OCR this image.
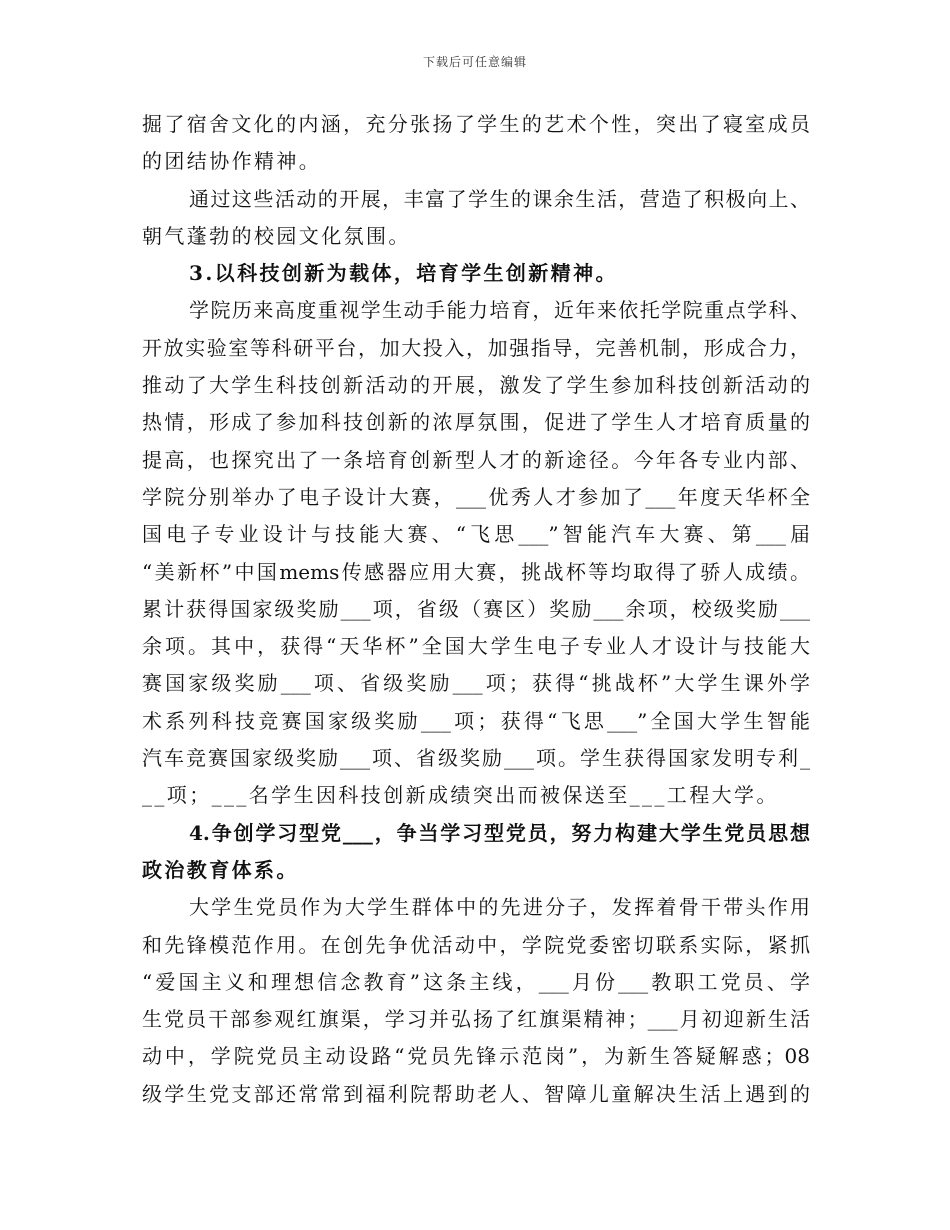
下载后可任意编辑
掘了宿舍文化的内涵，充分张扬了学生的艺术个性，突出了寝室成员
的团结协作精神。
通过这些活动的开展，丰富了学生的课余生活，营造了积极向上、
朝气蓬勃的校园文化氛围。
3.以科技创新为载体，培育学生创新精神。
学院历来高度重视学生动手能力培育，近年来依托学院重点学科、
开放实验室等科研平台，加大投入，加强指导，完善机制，形成合力，
推动了大学生科技创新活动的开展，激发了学生参加科技创新活动的
热情，形成了参加科技创新的浓厚氛围，促进了学生人才培育质量的
提高，也探究出了一条培育创新型人才的新途径。今年各专业内部、
学院分别举办了电子设计大赛，___优秀人才参加了___年度天华杯全
国电子专业设计与技能大赛、“飞思___”智能汽车大赛、第___届
“美新杯”中国mems传感器应用大赛，挑战杯等均取得了骄人成绩。
累计获得国家级奖励___项，省级（赛区）奖励___余项，校级奖励___
余项。其中，获得“天华杯”全国大学生电子专业人才设计与技能大
赛国家级奖励___项、省级奖励___项；获得“挑战杯”大学生课外学
术系列科技竞赛国家级奖励___项；获得“飞思___”全国大学生智能
汽车竞赛国家级奖励___项、省级奖励___项。学生获得国家发明专利_
__项；___名学生因科技创新成绩突出而被保送至___工程大学。
4.争创学习型党___，争当学习型党员，努力构建大学生党员思想
政治教育体系。
大学生党员作为大学生群体中的先进分子，发挥着骨干带头作用
和先锋模范作用。在创先争优活动中，学院党委密切联系实际，紧抓
“爱国主义和理想信念教育”这条主线，___月份___教职工党员、学
生党员干部参观红旗渠，学习并弘扬了红旗渠精神；___月初迎新生活
动中，学院党员主动设路“党员先锋示范岗”，为新生答疑解惑；08
级学生党支部还常常到福利院帮助老人、智障儿童解决生活上遇到的
